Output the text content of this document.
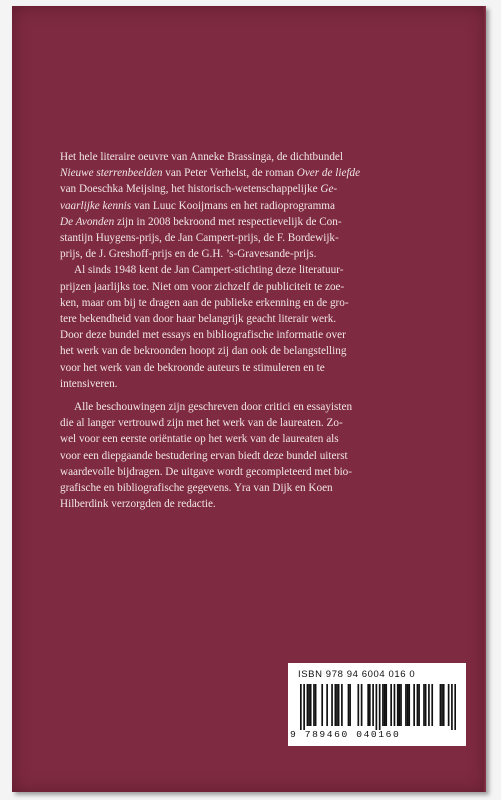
Het hele literaire oeuvre van Anneke Brassinga, de dichtbundel
Nieuwe sterrenbeelden van Peter Verhelst, de roman Over de liefde
van Doeschka Meijsing, het historisch-wetenschappelijke Ge-
vaarlijke kennis van Luuc Kooijmans en het radioprogramma
De Avonden zijn in 2008 bekroond met respectievelijk de Con-
stantijn Huygens-prijs, de Jan Campert-prijs, de F. Bordewijk-
prijs, de J. Greshoff-prijs en de G.H. ’s-Gravesande-prijs.
Al sinds 1948 kent de Jan Campert-stichting deze literatuur-
prijzen jaarlijks toe. Niet om voor zichzelf de publiciteit te zoe-
ken, maar om bij te dragen aan de publieke erkenning en de gro-
tere bekendheid van door haar belangrijk geacht literair werk.
Door deze bundel met essays en bibliografische informatie over
het werk van de bekroonden hoopt zij dan ook de belangstelling
voor het werk van de bekroonde auteurs te stimuleren en te
intensiveren.
Alle beschouwingen zijn geschreven door critici en essayisten
die al langer vertrouwd zijn met het werk van de laureaten. Zo-
wel voor een eerste oriëntatie op het werk van de laureaten als
voor een diepgaande bestudering ervan biedt deze bundel uiterst
waardevolle bijdragen. De uitgave wordt gecompleteerd met bio-
grafische en bibliografische gegevens. Yra van Dijk en Koen
Hilberdink verzorgden de redactie.
ISBN 978 94 6004 016 0
9 789460 040160
